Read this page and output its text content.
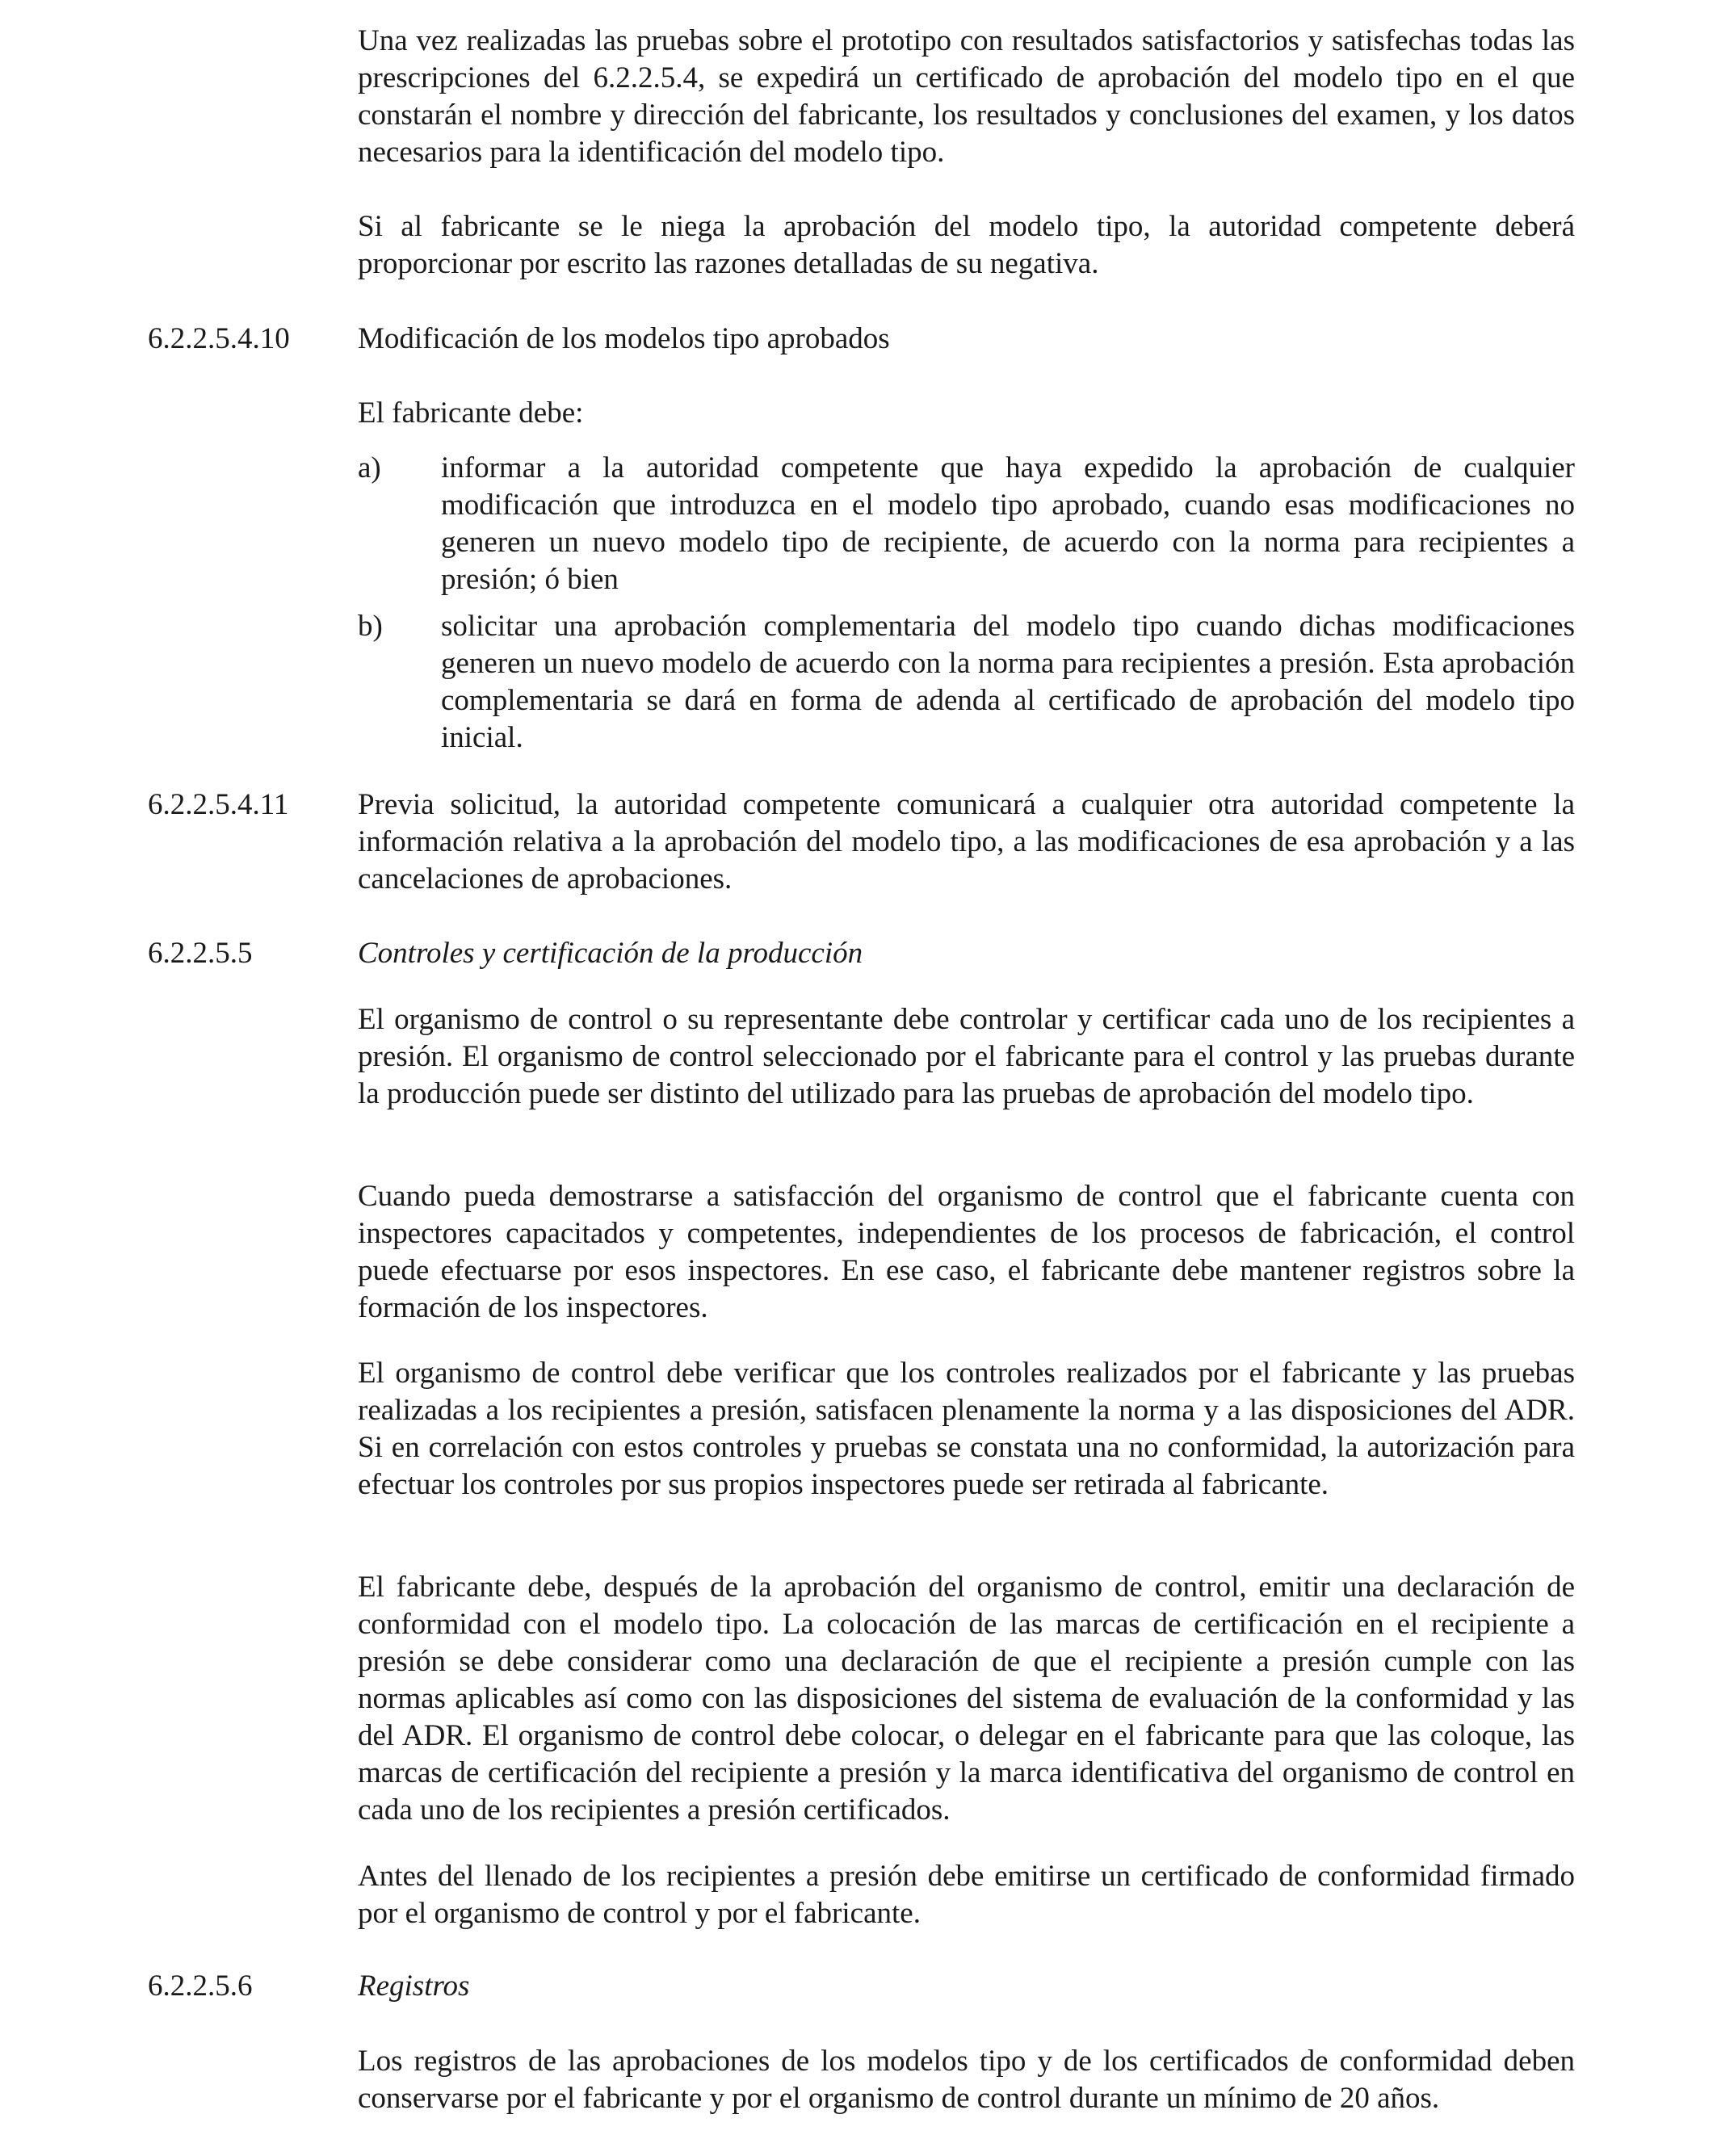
Una vez realizadas las pruebas sobre el prototipo con resultados satisfactorios y satisfechas todas las prescripciones del 6.2.2.5.4, se expedirá un certificado de aprobación del modelo tipo en el que constarán el nombre y dirección del fabricante, los resultados y conclusiones del examen, y los datos necesarios para la identificación del modelo tipo.

Si al fabricante se le niega la aprobación del modelo tipo, la autoridad competente deberá proporcionar por escrito las razones detalladas de su negativa.

6.2.2.5.4.10 Modificación de los modelos tipo aprobados

El fabricante debe:

a) informar a la autoridad competente que haya expedido la aprobación de cualquier modificación que introduzca en el modelo tipo aprobado, cuando esas modificaciones no generen un nuevo modelo tipo de recipiente, de acuerdo con la norma para recipientes a presión; ó bien

b) solicitar una aprobación complementaria del modelo tipo cuando dichas modificaciones generen un nuevo modelo de acuerdo con la norma para recipientes a presión. Esta aprobación complementaria se dará en forma de adenda al certificado de aprobación del modelo tipo inicial.

6.2.2.5.4.11 Previa solicitud, la autoridad competente comunicará a cualquier otra autoridad competente la información relativa a la aprobación del modelo tipo, a las modificaciones de esa aprobación y a las cancelaciones de aprobaciones.

6.2.2.5.5	Controles y certificación de la producción

El organismo de control o su representante debe controlar y certificar cada uno de los recipientes a presión. El organismo de control seleccionado por el fabricante para el control y las pruebas durante la producción puede ser distinto del utilizado para las pruebas de aprobación del modelo tipo.

Cuando pueda demostrarse a satisfacción del organismo de control que el fabricante cuenta con inspectores capacitados y competentes, independientes de los procesos de fabricación, el control puede efectuarse por esos inspectores. En ese caso, el fabricante debe mantener registros sobre la formación de los inspectores.

El organismo de control debe verificar que los controles realizados por el fabricante y las pruebas realizadas a los recipientes a presión, satisfacen plenamente la norma y a las disposiciones del ADR. Si en correlación con estos controles y pruebas se constata una no conformidad, la autorización para efectuar los controles por sus propios inspectores puede ser retirada al fabricante.

El fabricante debe, después de la aprobación del organismo de control, emitir una declaración de conformidad con el modelo tipo. La colocación de las marcas de certificación en el recipiente a presión se debe considerar como una declaración de que el recipiente a presión cumple con las normas aplicables así como con las disposiciones del sistema de evaluación de la conformidad y las del ADR. El organismo de control debe colocar, o delegar en el fabricante para que las coloque, las marcas de certificación del recipiente a presión y la marca identificativa del organismo de control en cada uno de los recipientes a presión certificados.

Antes del llenado de los recipientes a presión debe emitirse un certificado de conformidad firmado por el organismo de control y por el fabricante.

6.2.2.5.6	Registros

Los registros de las aprobaciones de los modelos tipo y de los certificados de conformidad deben conservarse por el fabricante y por el organismo de control durante un mínimo de 20 años.
